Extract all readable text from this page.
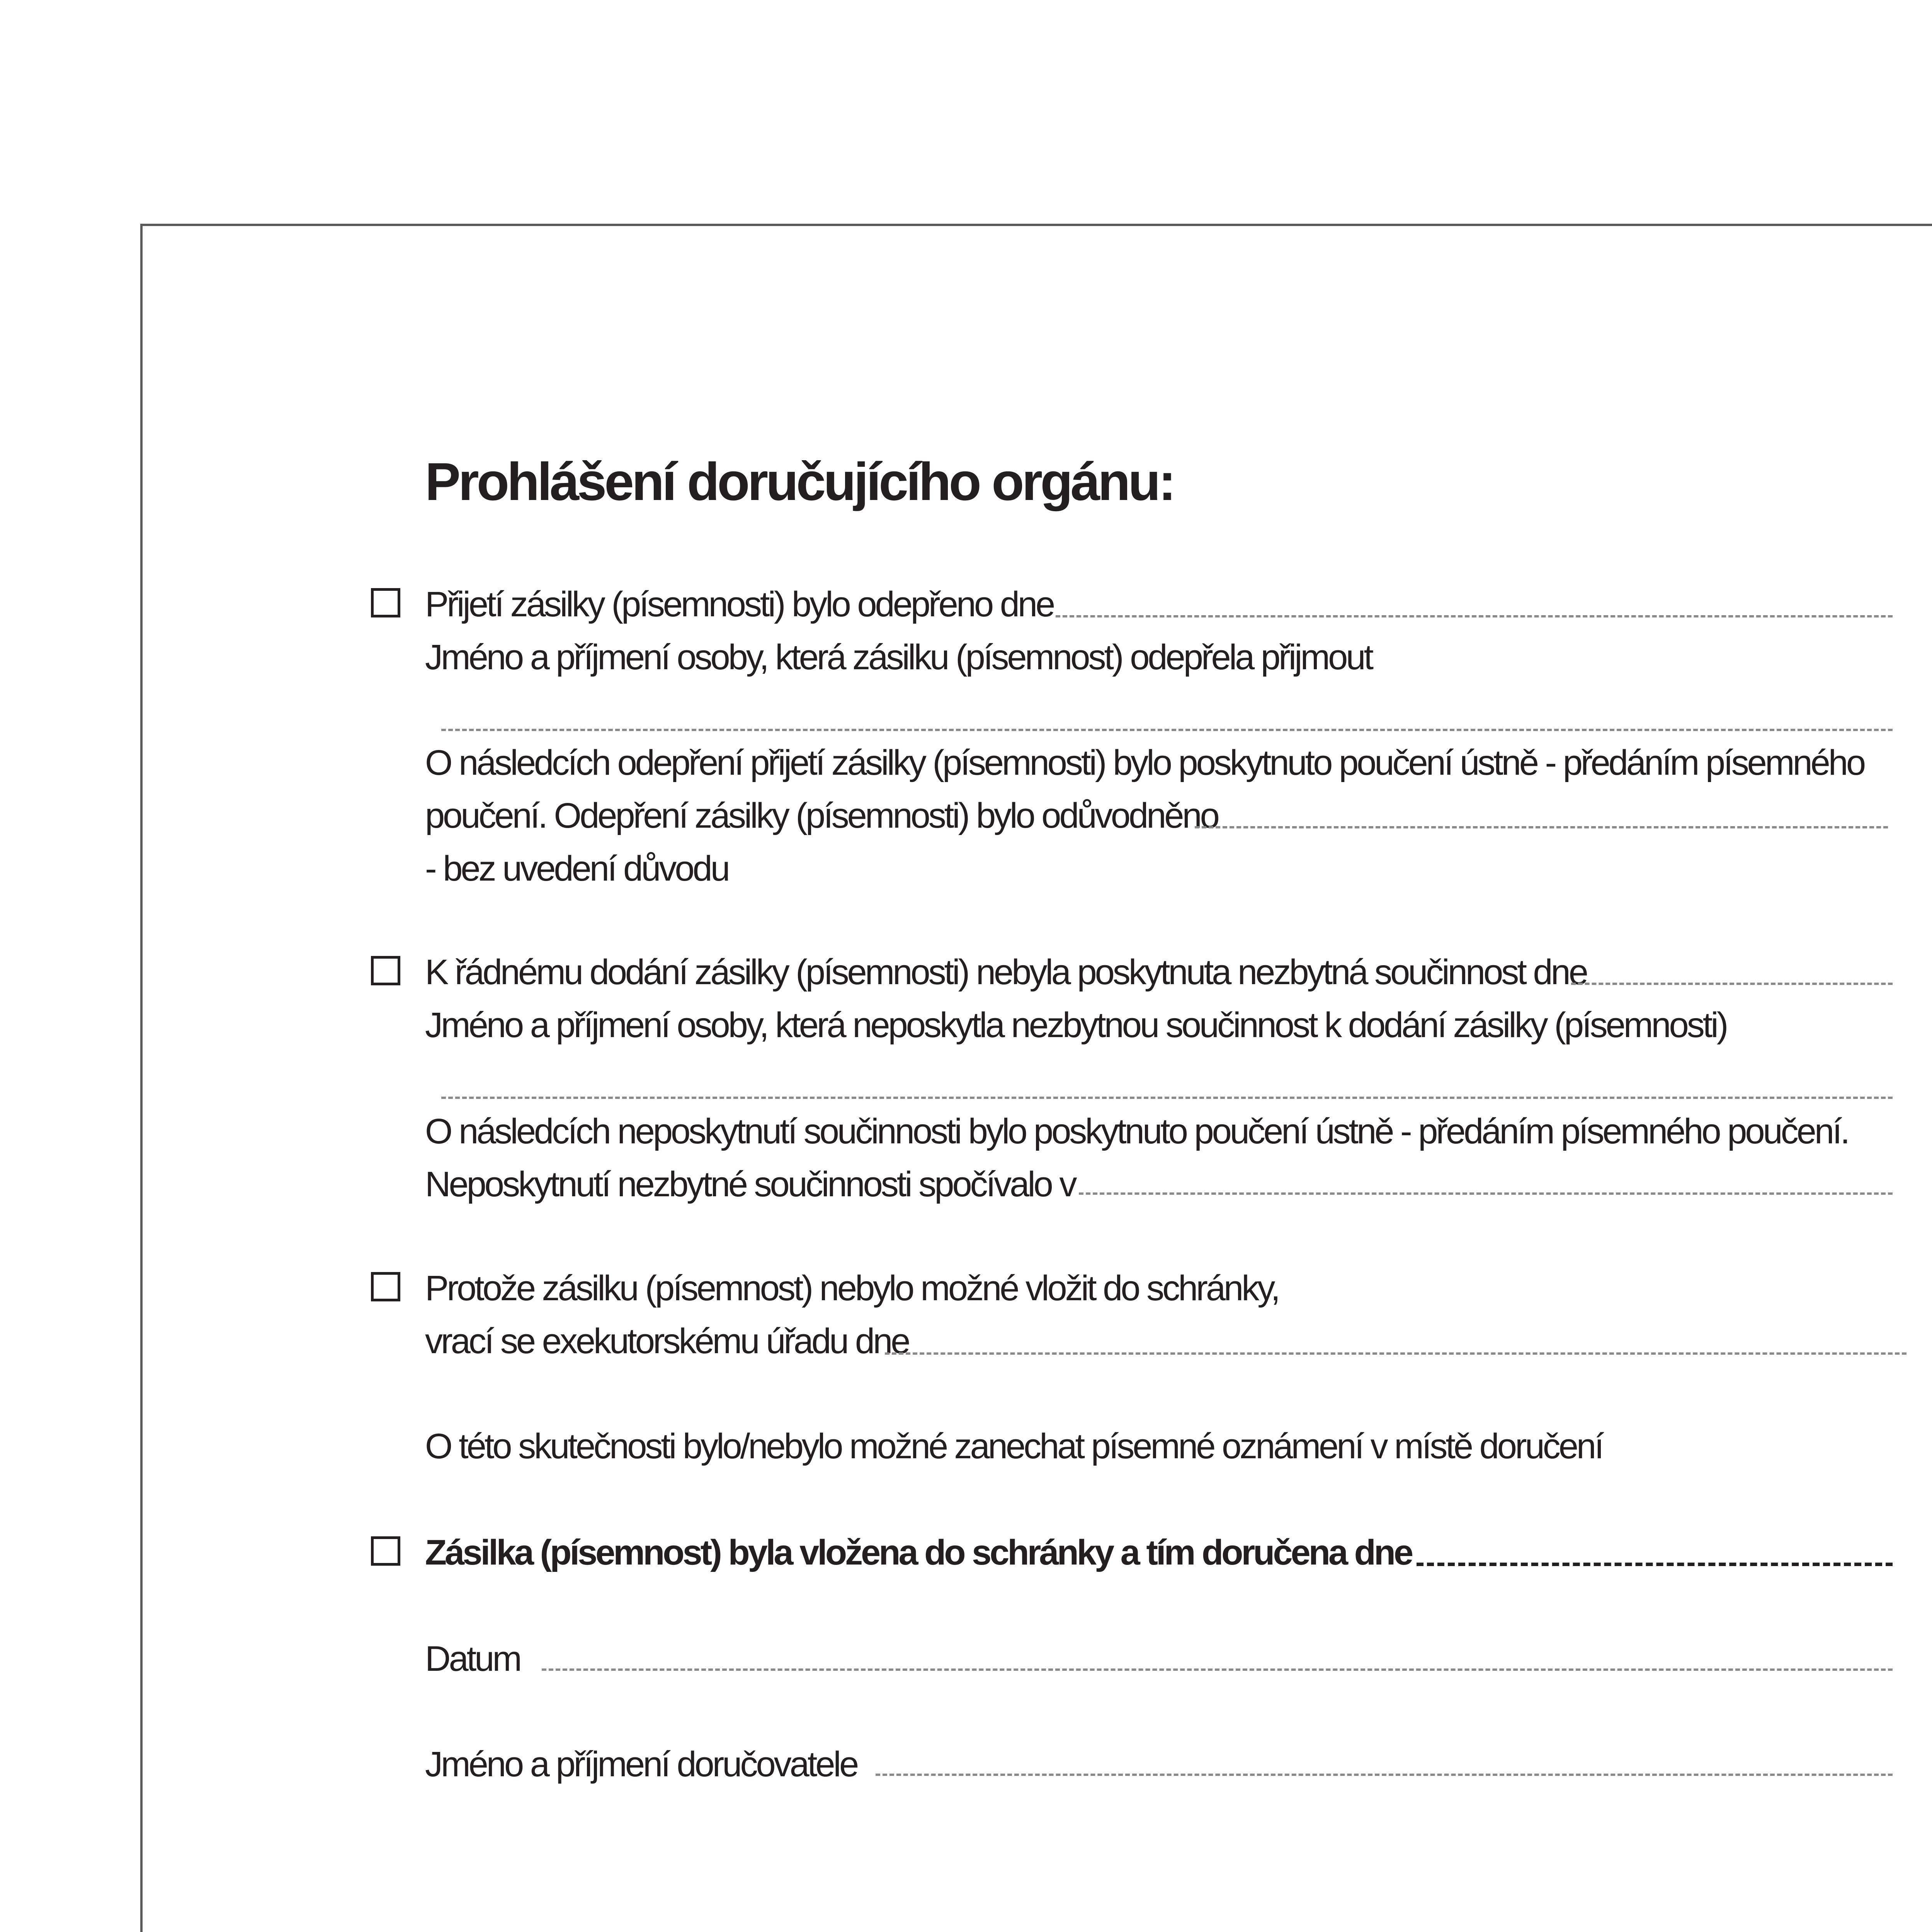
Prohlášení doručujícího orgánu:
Přijetí zásilky (písemnosti) bylo odepřeno dne
Jméno a příjmení osoby, která zásilku (písemnost) odepřela přijmout
O následcích odepření přijetí zásilky (písemnosti) bylo poskytnuto poučení ústně - předáním písemného
poučení. Odepření zásilky (písemnosti) bylo odůvodněno
- bez uvedení důvodu
K řádnému dodání zásilky (písemnosti) nebyla poskytnuta nezbytná součinnost dne
Jméno a příjmení osoby, která neposkytla nezbytnou součinnost k dodání zásilky (písemnosti)
O následcích neposkytnutí součinnosti bylo poskytnuto poučení ústně - předáním písemného poučení.
Neposkytnutí nezbytné součinnosti spočívalo v
Protože zásilku (písemnost) nebylo možné vložit do schránky,
vrací se exekutorskému úřadu dne
O této skutečnosti bylo/nebylo možné zanechat písemné oznámení v místě doručení
Zásilka (písemnost) byla vložena do schránky a tím doručena dne
Datum
Jméno a příjmení doručovatele
